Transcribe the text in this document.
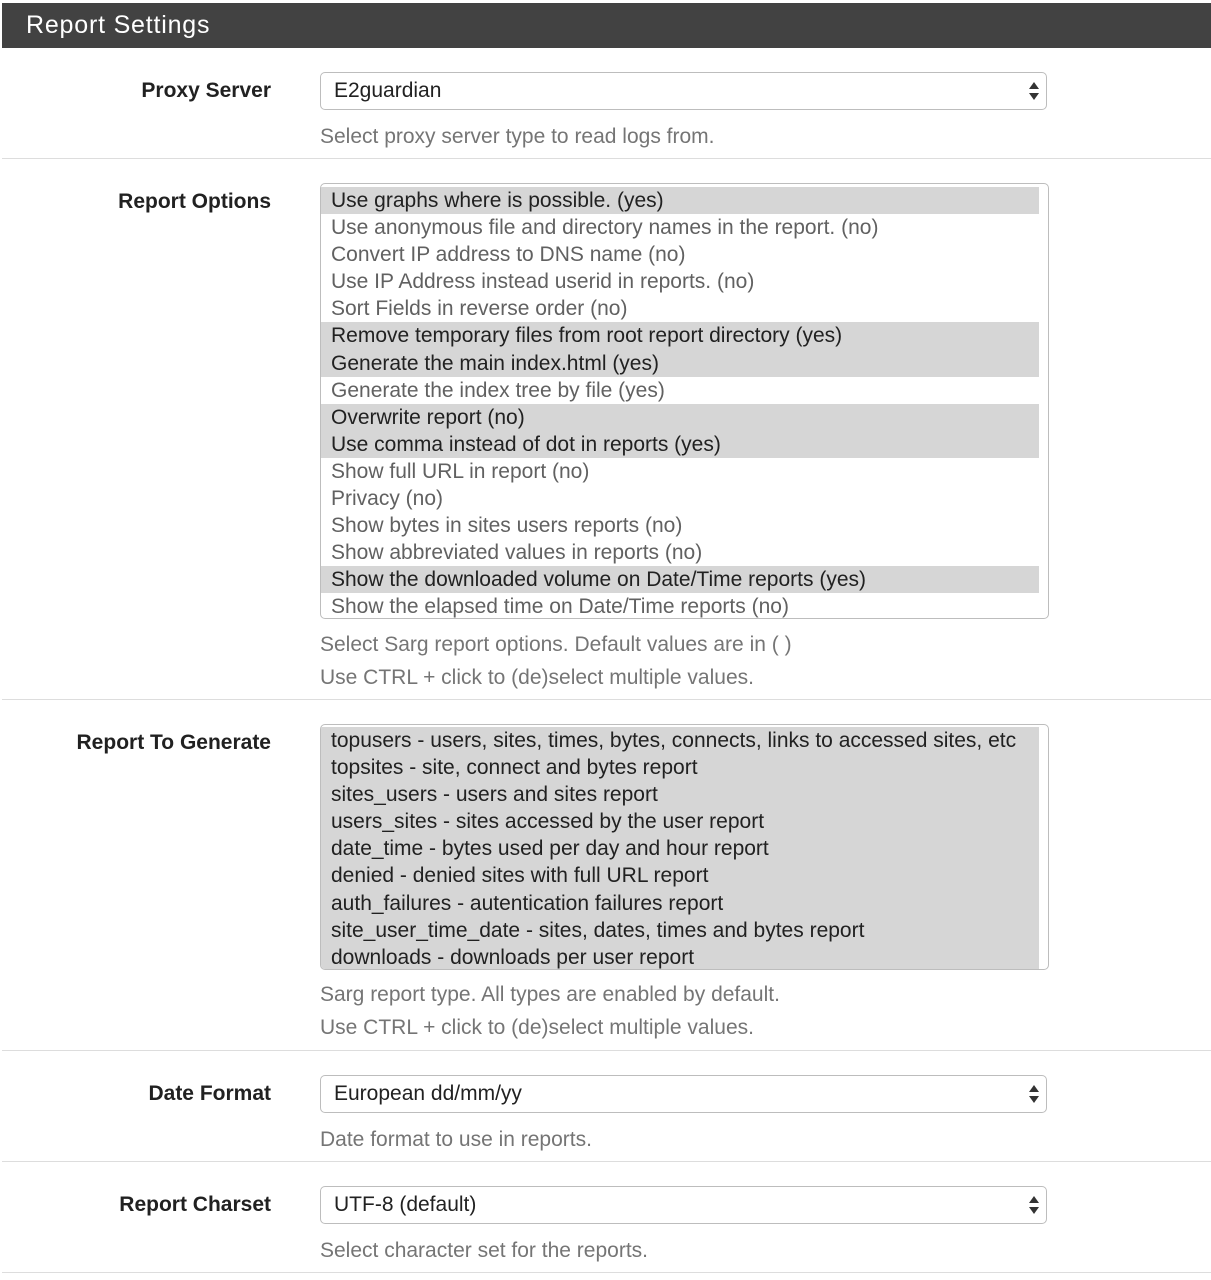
Report Settings
Proxy Server	E2guardian
Select proxy server type to read logs from.
Report Options	Use graphs where is possible. (yes)
Use anonymous file and directory names in the report. (no)
Convert IP address to DNS name (no)
Use IP Address instead userid in reports. (no)
Sort Fields in reverse order (no)
Remove temporary files from root report directory (yes)
Generate the main index.html (yes)
Generate the index tree by file (yes)
Overwrite report (no)
Use comma instead of dot in reports (yes)
Show full URL in report (no)
Privacy (no)
Show bytes in sites users reports (no)
Show abbreviated values in reports (no)
Show the downloaded volume on Date/Time reports (yes)
Show the elapsed time on Date/Time reports (no)
Select Sarg report options. Default values are in ( )
Use CTRL + click to (de)select multiple values.
Report To Generate	topusers - users, sites, times, bytes, connects, links to accessed sites, etc
topsites - site, connect and bytes report
sites_users - users and sites report
users_sites - sites accessed by the user report
date_time - bytes used per day and hour report
denied - denied sites with full URL report
auth_failures - autentication failures report
site_user_time_date - sites, dates, times and bytes report
downloads - downloads per user report
Sarg report type. All types are enabled by default.
Use CTRL + click to (de)select multiple values.
Date Format	European dd/mm/yy
Date format to use in reports.
Report Charset	UTF-8 (default)
Select character set for the reports.
